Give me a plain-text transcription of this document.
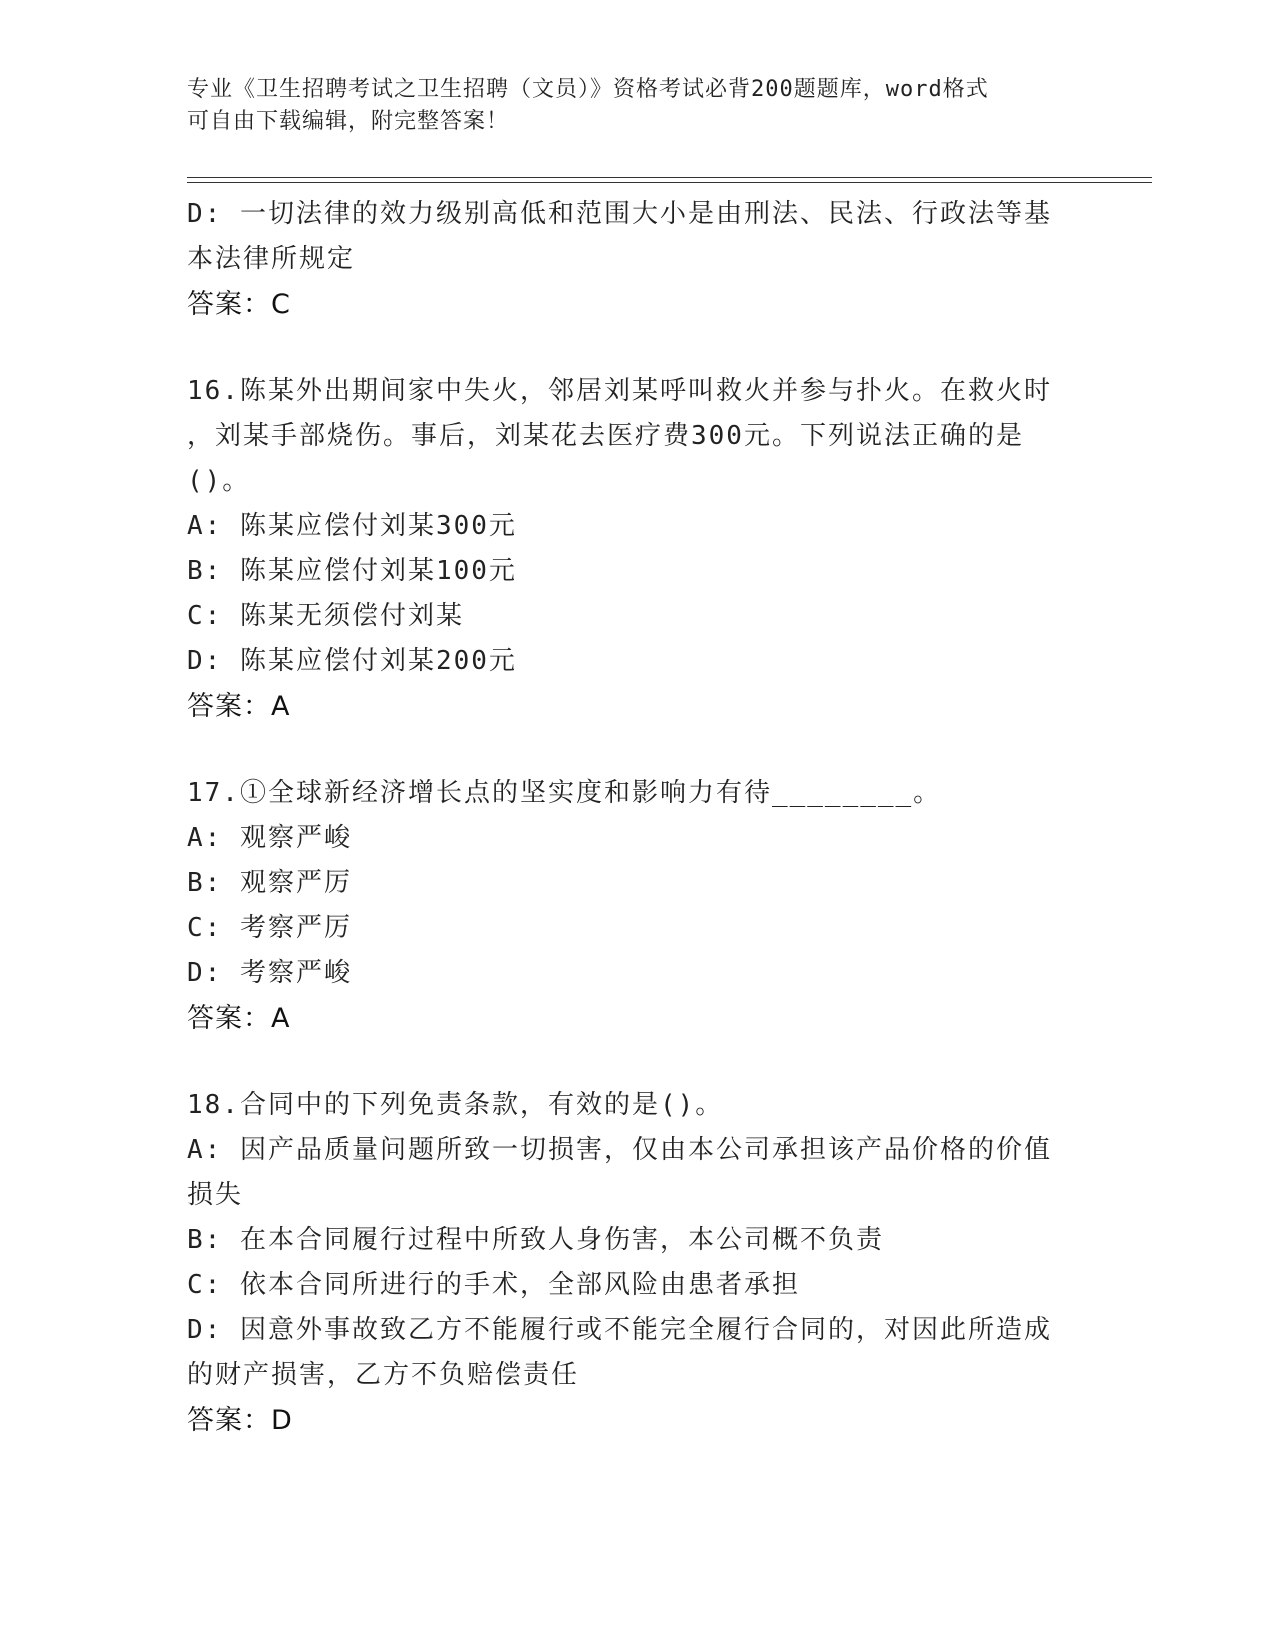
专业《卫生招聘考试之卫生招聘（文员）》资格考试必背200题题库，word格式
可自由下载编辑，附完整答案！
D: 一切法律的效力级别高低和范围大小是由刑法、民法、行政法等基
本法律所规定
答案：C
16.陈某外出期间家中失火，邻居刘某呼叫救火并参与扑火。在救火时
，刘某手部烧伤。事后，刘某花去医疗费300元。下列说法正确的是
()。
A: 陈某应偿付刘某300元
B: 陈某应偿付刘某100元
C: 陈某无须偿付刘某
D: 陈某应偿付刘某200元
答案：A
17.①全球新经济增长点的坚实度和影响力有待________。
A: 观察严峻
B: 观察严厉
C: 考察严厉
D: 考察严峻
答案：A
18.合同中的下列免责条款，有效的是()。
A: 因产品质量问题所致一切损害，仅由本公司承担该产品价格的价值
损失
B: 在本合同履行过程中所致人身伤害，本公司概不负责
C: 依本合同所进行的手术，全部风险由患者承担
D: 因意外事故致乙方不能履行或不能完全履行合同的，对因此所造成
的财产损害，乙方不负赔偿责任
答案：D
